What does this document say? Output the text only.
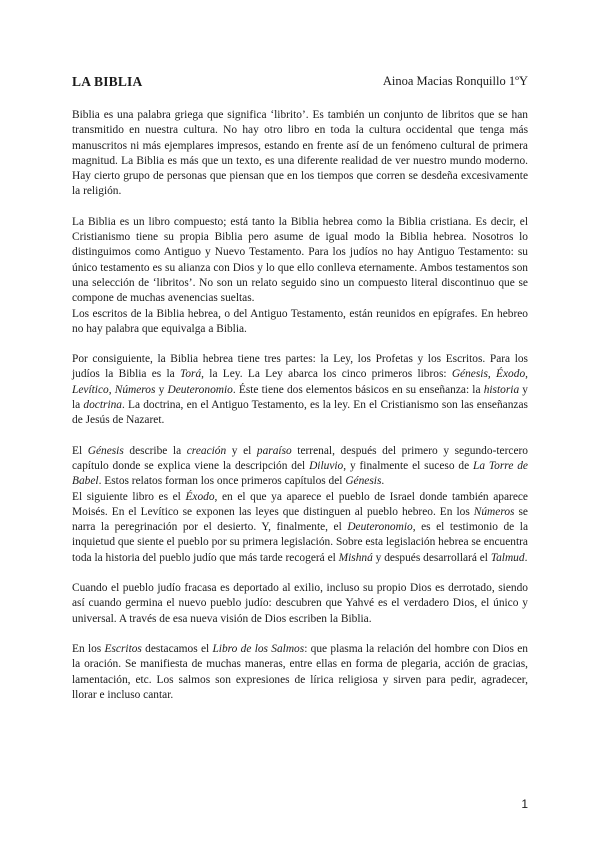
LA BIBLIA	Ainoa Macias Ronquillo 1ºY

Biblia es una palabra griega que significa ‘librito’. Es también un conjunto de libritos que se han transmitido en nuestra cultura. No hay otro libro en toda la cultura occidental que tenga más manuscritos ni más ejemplares impresos, estando en frente así de un fenómeno cultural de primera magnitud. La Biblia es más que un texto, es una diferente realidad de ver nuestro mundo moderno. Hay cierto grupo de personas que piensan que en los tiempos que corren se desdeña excesivamente la religión.

La Biblia es un libro compuesto; está tanto la Biblia hebrea como la Biblia cristiana. Es decir, el Cristianismo tiene su propia Biblia pero asume de igual modo la Biblia hebrea. Nosotros lo distinguimos como Antiguo y Nuevo Testamento. Para los judíos no hay Antiguo Testamento: su único testamento es su alianza con Dios y lo que ello conlleva eternamente. Ambos testamentos son una selección de ‘libritos’. No son un relato seguido sino un compuesto literal discontinuo que se compone de muchas avenencias sueltas.

Los escritos de la Biblia hebrea, o del Antiguo Testamento, están reunidos en epígrafes. En hebreo no hay palabra que equivalga a Biblia.

Por consiguiente, la Biblia hebrea tiene tres partes: la Ley, los Profetas y los Escritos. Para los judíos la Biblia es la Torá, la Ley. La Ley abarca los cinco primeros libros: Génesis, Éxodo, Levítico, Números y Deuteronomio. Éste tiene dos elementos básicos en su enseñanza: la historia y la doctrina. La doctrina, en el Antiguo Testamento, es la ley. En el Cristianismo son las enseñanzas de Jesús de Nazaret.

El Génesis describe la creación y el paraíso terrenal, después del primero y segundo-tercero capítulo donde se explica viene la descripción del Diluvio, y finalmente el suceso de La Torre de Babel. Estos relatos forman los once primeros capítulos del Génesis.

El siguiente libro es el Éxodo, en el que ya aparece el pueblo de Israel donde también aparece Moisés. En el Levítico se exponen las leyes que distinguen al pueblo hebreo. En los Números se narra la peregrinación por el desierto. Y, finalmente, el Deuteronomio, es el testimonio de la inquietud que siente el pueblo por su primera legislación. Sobre esta legislación hebrea se encuentra toda la historia del pueblo judío que más tarde recogerá el Mishná y después desarrollará el Talmud.

Cuando el pueblo judío fracasa es deportado al exilio, incluso su propio Dios es derrotado, siendo así cuando germina el nuevo pueblo judío: descubren que Yahvé es el verdadero Dios, el único y universal. A través de esa nueva visión de Dios escriben la Biblia.

En los Escritos destacamos el Libro de los Salmos: que plasma la relación del hombre con Dios en la oración. Se manifiesta de muchas maneras, entre ellas en forma de plegaria, acción de gracias, lamentación, etc. Los salmos son expresiones de lírica religiosa y sirven para pedir, agradecer, llorar e incluso cantar.

1
